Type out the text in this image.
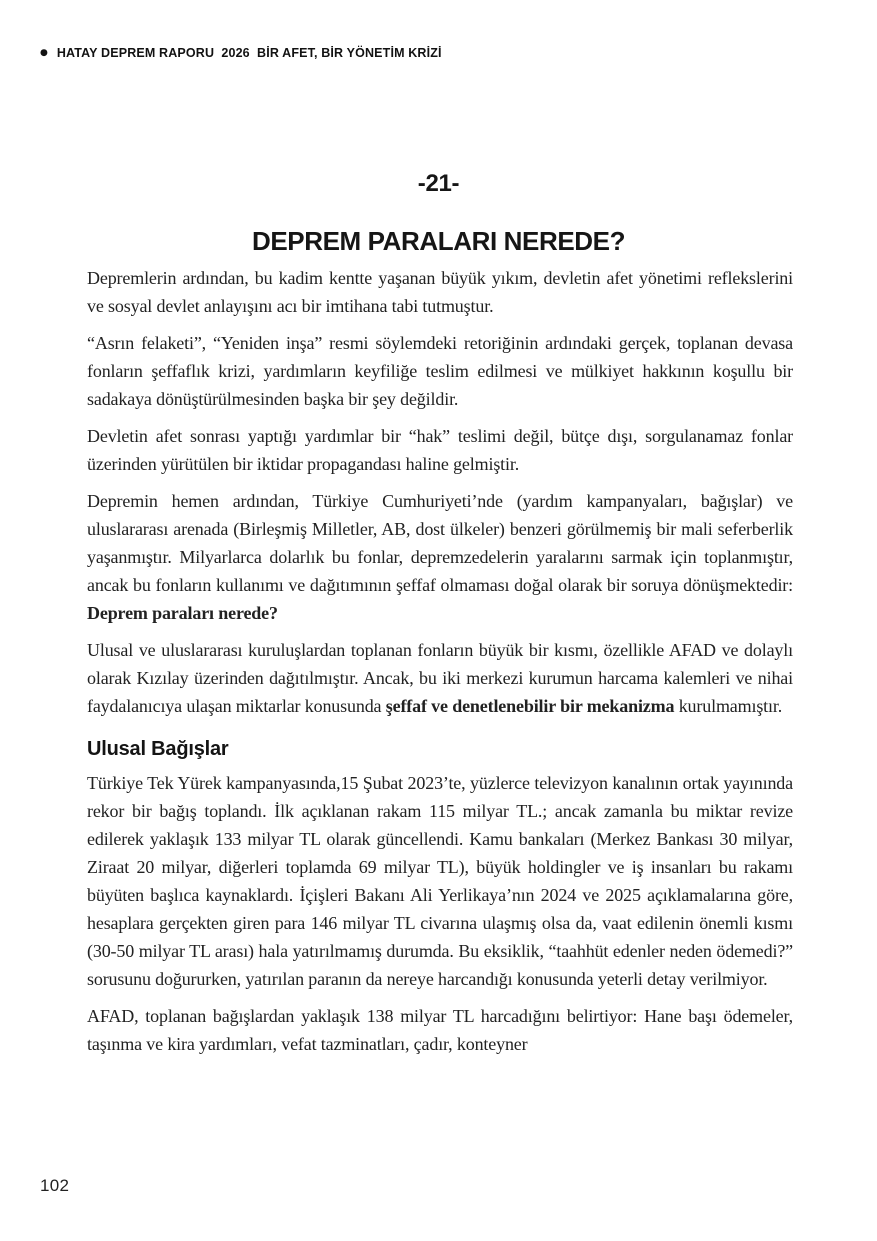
● HATAY DEPREM RAPORU  2026  BİR AFET, BİR YÖNETİM KRİZİ
-21-
DEPREM PARALARI NEREDE?

Depremlerin ardından, bu kadim kentte yaşanan büyük yıkım, devletin afet yönetimi reflekslerini ve sosyal devlet anlayışını acı bir imtihana tabi tutmuştur.

“Asrın felaketi”, “Yeniden inşa” resmi söylemdeki retoriğinin ardındaki gerçek, toplanan devasa fonların şeffaflık krizi, yardımların keyfiliğe teslim edilmesi ve mülkiyet hakkının koşullu bir sadakaya dönüştürülmesinden başka bir şey değildir.

Devletin afet sonrası yaptığı yardımlar bir “hak” teslimi değil, bütçe dışı, sorgulanamaz fonlar üzerinden yürütülen bir iktidar propagandası haline gelmiştir.

Depremin hemen ardından, Türkiye Cumhuriyeti’nde (yardım kampanyaları, bağışlar) ve uluslararası arenada (Birleşmiş Milletler, AB, dost ülkeler) benzeri görülmemiş bir mali seferberlik yaşanmıştır. Milyarlarca dolarlık bu fonlar, depremzedelerin yaralarını sarmak için toplanmıştır, ancak bu fonların kullanımı ve dağıtımının şeffaf olmaması doğal olarak bir soruya dönüşmektedir: Deprem paraları nerede?

Ulusal ve uluslararası kuruluşlardan toplanan fonların büyük bir kısmı, özellikle AFAD ve dolaylı olarak Kızılay üzerinden dağıtılmıştır. Ancak, bu iki merkezi kurumun harcama kalemleri ve nihai faydalanıcıya ulaşan miktarlar konusunda şeffaf ve denetlenebilir bir mekanizma kurulmamıştır.

Ulusal Bağışlar

Türkiye Tek Yürek kampanyasında,15 Şubat 2023’te, yüzlerce televizyon kanalının ortak yayınında rekor bir bağış toplandı. İlk açıklanan rakam 115 milyar TL.; ancak zamanla bu miktar revize edilerek yaklaşık 133 milyar TL olarak güncellendi. Kamu bankaları (Merkez Bankası 30 milyar, Ziraat 20 milyar, diğerleri toplamda 69 milyar TL), büyük holdingler ve iş insanları bu rakamı büyüten başlıca kaynaklardı. İçişleri Bakanı Ali Yerlikaya’nın 2024 ve 2025 açıklamalarına göre, hesaplara gerçekten giren para 146 milyar TL civarına ulaşmış olsa da, vaat edilenin önemli kısmı (30-50 milyar TL arası) hala yatırılmamış durumda. Bu eksiklik, “taahhüt edenler neden ödemedi?” sorusunu doğururken, yatırılan paranın da nereye harcandığı konusunda yeterli detay verilmiyor.

AFAD, toplanan bağışlardan yaklaşık 138 milyar TL harcadığını belirtiyor: Hane başı ödemeler, taşınma ve kira yardımları, vefat tazminatları, çadır, konteyner

102
